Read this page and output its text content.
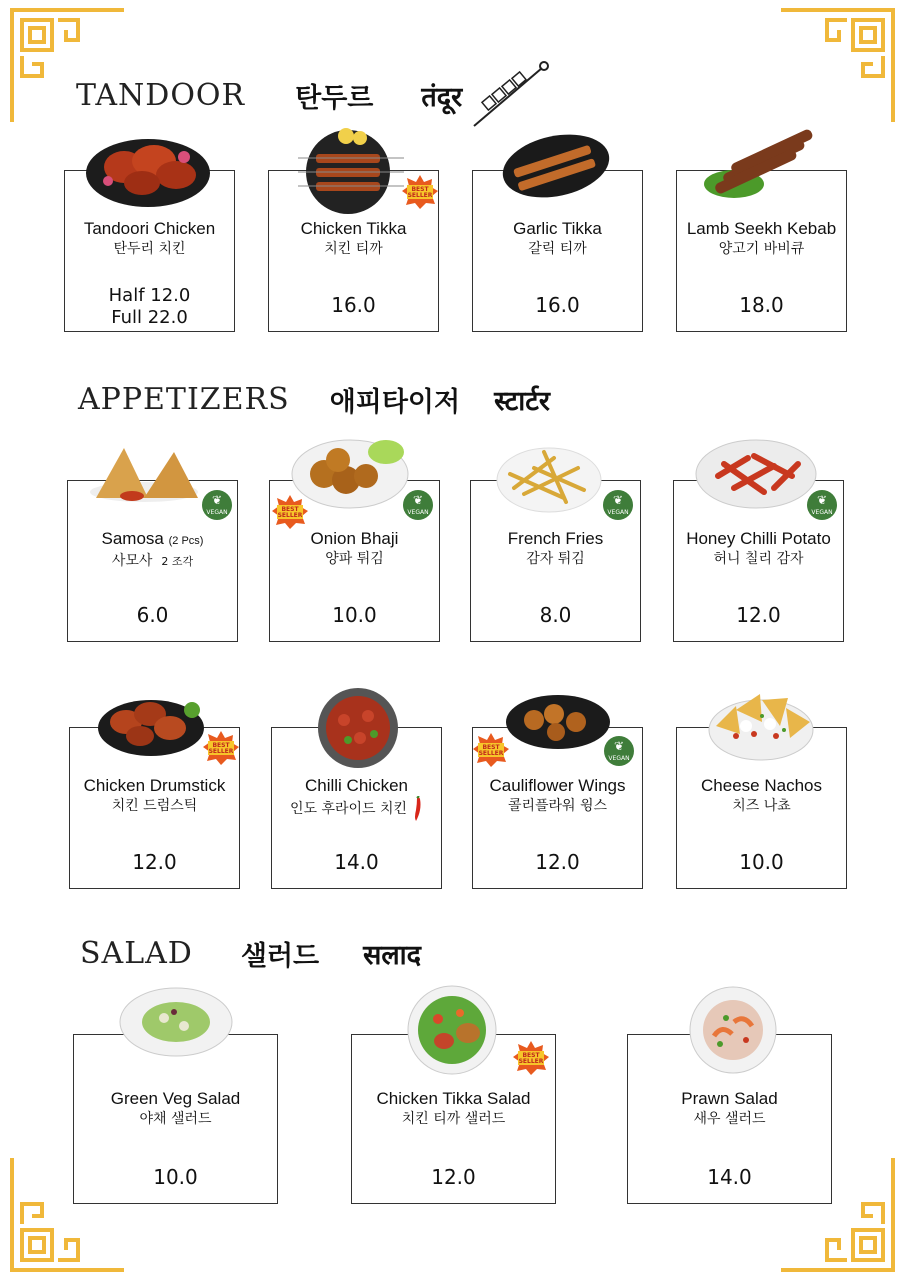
TANDOOR 탄두르 तंदूर
Tandoori Chicken
탄두리 치킨
Half 12.0
Full 22.0
Chicken Tikka
치킨 티까
16.0
BEST
SELLER
Garlic Tikka
갈릭 티까
16.0
Lamb Seekh Kebab
양고기 바비큐
18.0
APPETIZERS 애피타이저 स्टार्टर
Samosa (2 Pcs)
사모사 2 조각
6.0
❦
VEGAN
Onion Bhaji
양파 튀김
10.0
BEST
SELLER
❦
VEGAN
French Fries
감자 튀김
8.0
❦
VEGAN
Honey Chilli Potato
허니 칠리 감자
12.0
❦
VEGAN
Chicken Drumstick
치킨 드럼스틱
12.0
BEST
SELLER
Chilli Chicken
인도 후라이드 치킨
14.0
Cauliflower Wings
콜리플라워 윙스
12.0
BEST
SELLER
❦
VEGAN
Cheese Nachos
치즈 나쵸
10.0
SALAD 샐러드 सलाद
Green Veg Salad
야채 샐러드
10.0
Chicken Tikka Salad
치킨 티까 샐러드
12.0
BEST
SELLER
Prawn Salad
새우 샐러드
14.0
